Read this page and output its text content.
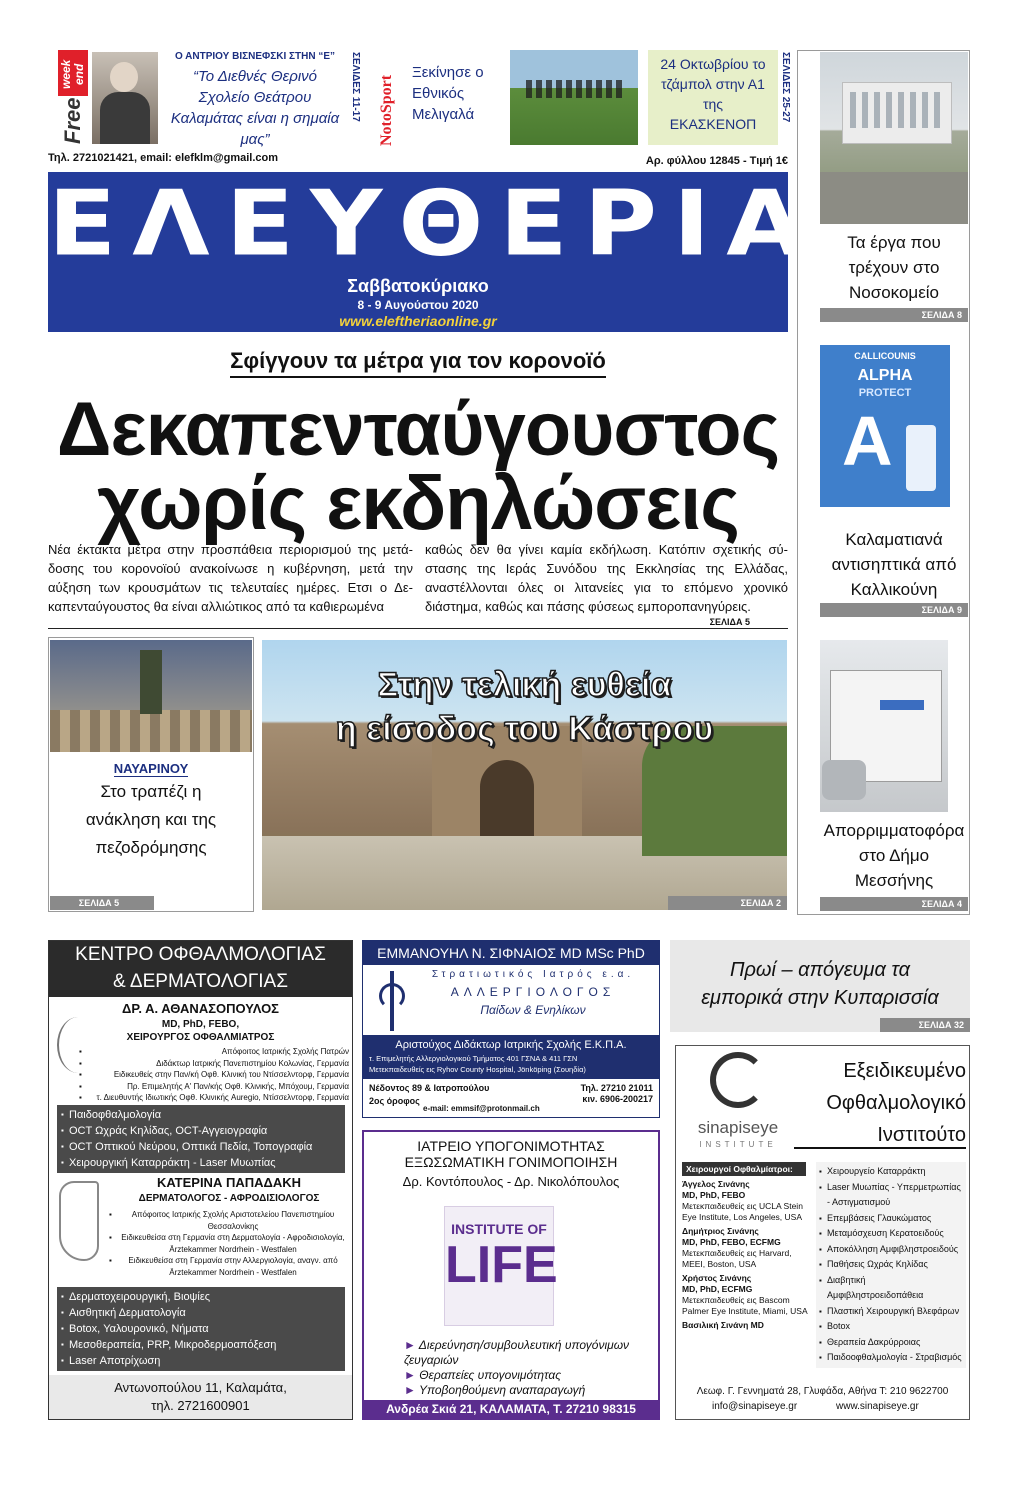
week end
Free
Ο ΑΝΤΡΙΟΥ ΒΙΣΝΕΦΣΚΙ ΣΤΗΝ “Ε”
“Το Διεθνές Θερινό Σχολείο Θεάτρου Καλαμάτας είναι η σημαία μας”
ΣΕΛΙΔΕΣ 11-17 NotoSport
Ξεκίνησε ο Εθνικός Μελιγαλά
24 Οκτωβρίου το τζάμπολ στην Α1 της ΕΚΑΣΚΕΝΟΠ
ΣΕΛΙΔΕΣ 25-27
Τηλ. 2721021421, email: elefklm@gmail.com	Αρ. φύλλου 12845 - Τιμή 1€
ΕΛΕΥΘΕΡΙΑ
Σαββατοκύριακο
8 - 9 Αυγούστου 2020
www.eleftheriaonline.gr
Τα έργα που τρέχουν στο Νοσοκομείο
ΣΕΛΙΔΑ 8
CALLICOUNIS
ALPHA
PROTECT
A
Καλαματιανά αντισηπτικά από Καλλικούνη
ΣΕΛΙΔΑ 9
Απορριμματοφόρα στο Δήμο Μεσσήνης
ΣΕΛΙΔΑ 4
Σφίγγουν τα μέτρα για τον κορονοϊό
Δεκαπενταύγουστος
χωρίς εκδηλώσεις
Νέα έκτακτα μέτρα στην προσπάθεια περιορισμού της μετά-δοσης του κορονοϊού ανακοίνωσε η κυβέρνηση, μετά την αύξηση των κρουσμάτων τις τελευταίες ημέρες. Ετσι ο Δε-καπενταύγουστος θα είναι αλλιώτικος από τα καθιερωμένα
καθώς δεν θα γίνει καμία εκδήλωση. Κατόπιν σχετικής σύ-στασης της Ιεράς Συνόδου της Εκκλησίας της Ελλάδας, αναστέλλονται όλες οι λιτανείες για το επόμενο χρονικό διάστημα, καθώς και πάσης φύσεως εμποροπανηγύρεις.
ΣΕΛΙΔΑ 5
ΝΑΥΑΡΙΝΟΥ
Στο τραπέζι η ανάκληση και της πεζοδρόμησης
ΣΕΛΙΔΑ 5
Στην τελική ευθεία
η είσοδος του Κάστρου
ΣΕΛΙΔΑ 2
ΚΕΝΤΡΟ ΟΦΘΑΛΜΟΛΟΓΙΑΣ
& ΔΕΡΜΑΤΟΛΟΓΙΑΣ
ΔΡ. Α. ΑΘΑΝΑΣΟΠΟΥΛΟΣ
MD, PhD, FEBO,
ΧΕΙΡΟΥΡΓΟΣ ΟΦΘΑΛΜΙΑΤΡΟΣ
▪ Απόφοιτος Ιατρικής Σχολής Πατρών
▪ Διδάκτωρ Ιατρικής Πανεπιστημίου Κολωνίας, Γερμανία
▪ Ειδικευθείς στην Παν/κή Οφθ. Κλινική του Ντίσσελντορφ, Γερμανία
▪ Πρ. Επιμελητής Α' Παν/κής Οφθ. Κλινικής, Μπόχουμ, Γερμανία
▪ τ. Διευθυντής Ιδιωτικής Οφθ. Κλινικής Auregio, Ντίσσελντορφ, Γερμανία
▪ Παιδοφθαλμολογία
▪ OCT Ωχράς Κηλίδας, OCT-Αγγειογραφία
▪ OCT Οπτικού Νεύρου, Οπτικά Πεδία, Τοπογραφία
▪ Χειρουργική Καταρράκτη - Laser Μυωπίας
ΚΑΤΕΡΙΝΑ ΠΑΠΑΔΑΚΗ
ΔΕΡΜΑΤΟΛΟΓΟΣ - ΑΦΡΟΔΙΣΙΟΛΟΓΟΣ
▪ Απόφοιτος Ιατρικής Σχολής Αριστοτελείου Πανεπιστημίου Θεσσαλονίκης
▪ Ειδικευθείσα στη Γερμανία στη Δερματολογία - Αφροδισιολογία, Ärztekammer Nordrhein - Westfalen
▪ Ειδικευθείσα στη Γερμανία στην Αλλεργιολογία, αναγν. από Ärztekammer Nordrhein - Westfalen
▪ Δερματοχειρουργική, Βιοψίες
▪ Αισθητική Δερματολογία
▪ Botox, Υαλουρονικό, Νήματα
▪ Μεσοθεραπεία, PRP, Μικροδερμοαπόξεση
▪ Laser Αποτρίχωση
Αντωνοπούλου 11, Καλαμάτα,
τηλ. 2721600901
ΕΜΜΑΝΟΥΗΛ Ν. ΣΙΦΝΑΙΟΣ MD MSc PhD
Στρατιωτικός Ιατρός ε.α.
ΑΛΛΕΡΓΙΟΛΟΓΟΣ
Παίδων & Ενηλίκων
Αριστούχος Διδάκτωρ Ιατρικής Σχολής Ε.Κ.Π.Α.
τ. Επιμελητής Αλλεργιολογικού Τμήματος 401 ΓΣΝΑ & 411 ΓΣΝ
Μετεκπαιδευθείς εις Ryhov County Hospital, Jönköping (Σουηδία)
Νέδοντος 89 & Ιατροπούλου
2ος όροφος
Τηλ. 27210 21011
κιν. 6906-200217
e-mail: emmsif@protonmail.ch
ΙΑΤΡΕΙΟ ΥΠΟΓΟΝΙΜΟΤΗΤΑΣ
ΕΞΩΣΩΜΑΤΙΚΗ ΓΟΝΙΜΟΠΟΙΗΣΗ
Δρ. Κοντόπουλος - Δρ. Νικολόπουλος
INSTITUTE OF
LIFE
► Διερεύνηση/συμβουλευτική υπογόνιμων ζευγαριών
► Θεραπείες υπογονιμότητας
► Υποβοηθούμενη αναπαραγωγή
Ανδρέα Σκιά 21, ΚΑΛΑΜΑΤΑ, Τ. 27210 98315
Πρωί – απόγευμα τα εμπορικά στην Κυπαρισσία
ΣΕΛΙΔΑ 32
sinapiseye
INSTITUTE
Εξειδικευμένο
Οφθαλμολογικό
Ινστιτούτο
Χειρουργοί Οφθαλμίατροι:
Άγγελος Σινάνης
MD, PhD, FEBO
Μετεκπαιδευθείς εις UCLA Stein Eye Institute, Los Angeles, USA
Δημήτριος Σινάνης
MD, PhD, FEBO, ECFMG
Μετεκπαιδευθείς εις Harvard, MEEI, Boston, USA
Χρήστος Σινάνης
MD, PhD, ECFMG
Μετεκπαιδευθείς εις Bascom Palmer Eye Institute, Miami, USA
Βασιλική Σινάνη MD
▪ Χειρουργείο Καταρράκτη
▪ Laser Μυωπίας - Υπερμετρωπίας - Αστιγματισμού
▪ Επεμβάσεις Γλαυκώματος
▪ Μεταμόσχευση Κερατοειδούς
▪ Αποκόλληση Αμφιβληστροειδούς
▪ Παθήσεις Ωχράς Κηλίδας
▪ Διαβητική Αμφιβληστροειδοπάθεια
▪ Πλαστική Χειρουργική Βλεφάρων
▪ Botox
▪ Θεραπεία Δακρύρροιας
▪ Παιδοοφθαλμολογία - Στραβισμός
Λεωφ. Γ. Γεννηματά 28, Γλυφάδα, Αθήνα Τ: 210 9622700
info@sinapiseye.gr	www.sinapiseye.gr
